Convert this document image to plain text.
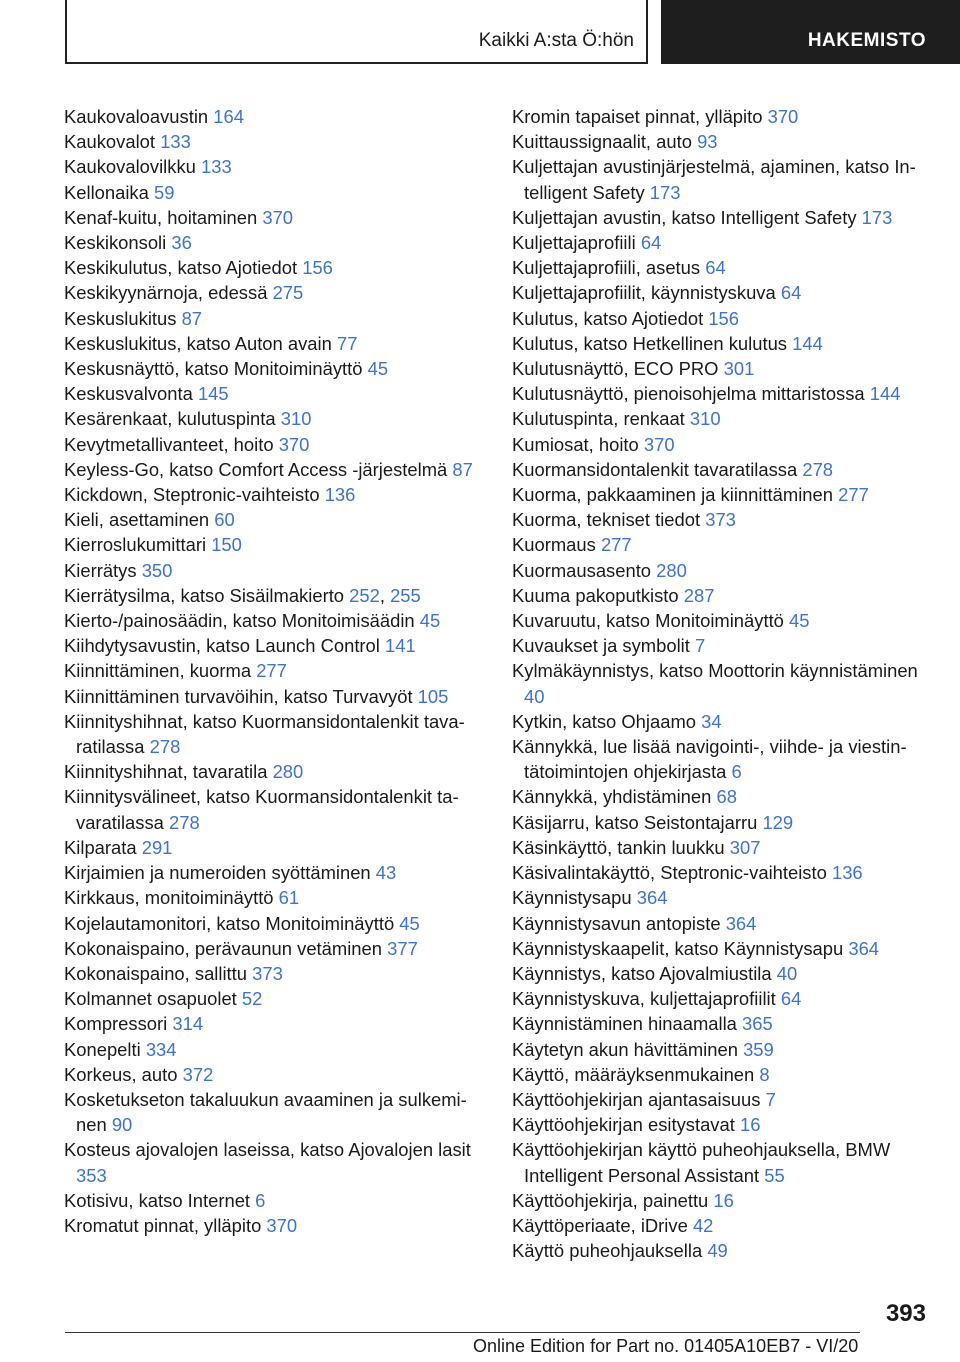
Kaikki A:sta Ö:hön	HAKEMISTO
Kaukovaloavustin 164
Kaukovalot 133
Kaukovalovilkku 133
Kellonaika 59
Kenaf-kuitu, hoitaminen 370
Keskikonsoli 36
Keskikulutus, katso Ajotiedot 156
Keskikyynärnoja, edessä 275
Keskuslukitus 87
Keskuslukitus, katso Auton avain 77
Keskusnäyttö, katso Monitoiminäyttö 45
Keskusvalvonta 145
Kesärenkaat, kulutuspinta 310
Kevytmetallivanteet, hoito 370
Keyless-Go, katso Comfort Access -järjestelmä 87
Kickdown, Steptronic-vaihteisto 136
Kieli, asettaminen 60
Kierroslukumittari 150
Kierrätys 350
Kierrätysilma, katso Sisäilmakierto 252, 255
Kierto-/painosäädin, katso Monitoimisäädin 45
Kiihdytysavustin, katso Launch Control 141
Kiinnittäminen, kuorma 277
Kiinnittäminen turvavöihin, katso Turvavyöt 105
Kiinnityshihnat, katso Kuormansidontalenkit tavaratilassa 278
Kiinnityshihnat, tavaratila 280
Kiinnitysvälineet, katso Kuormansidontalenkit tavaratilassa 278
Kilparata 291
Kirjaimien ja numeroiden syöttäminen 43
Kirkkaus, monitoiminäyttö 61
Kojelautamonitori, katso Monitoiminäyttö 45
Kokonaispaino, perävaunun vetäminen 377
Kokonaispaino, sallittu 373
Kolmannet osapuolet 52
Kompressori 314
Konepelti 334
Korkeus, auto 372
Kosketukseton takaluukun avaaminen ja sulkeminen 90
Kosteus ajovalojen laseissa, katso Ajovalojen lasit 353
Kotisivu, katso Internet 6
Kromatut pinnat, ylläpito 370
Kromin tapaiset pinnat, ylläpito 370
Kuittaussignaalit, auto 93
Kuljettajan avustinjärjestelmä, ajaminen, katso Intelligent Safety 173
Kuljettajan avustin, katso Intelligent Safety 173
Kuljettajaprofiili 64
Kuljettajaprofiili, asetus 64
Kuljettajaprofiilit, käynnistyskuva 64
Kulutus, katso Ajotiedot 156
Kulutus, katso Hetkellinen kulutus 144
Kulutusnäyttö, ECO PRO 301
Kulutusnäyttö, pienoisohjelma mittaristossa 144
Kulutuspinta, renkaat 310
Kumiosat, hoito 370
Kuormansidontalenkit tavaratilassa 278
Kuorma, pakkaaminen ja kiinnittäminen 277
Kuorma, tekniset tiedot 373
Kuormaus 277
Kuormausasento 280
Kuuma pakoputkisto 287
Kuvaruutu, katso Monitoiminäyttö 45
Kuvaukset ja symbolit 7
Kylmäkäynnistys, katso Moottorin käynnistäminen 40
Kytkin, katso Ohjaamo 34
Kännykkä, lue lisää navigointi-, viihde- ja viestintätoimintojen ohjekirjasta 6
Kännykkä, yhdistäminen 68
Käsijarru, katso Seistontajarru 129
Käsinkäyttö, tankin luukku 307
Käsivalintakäyttö, Steptronic-vaihteisto 136
Käynnistysapu 364
Käynnistysavun antopiste 364
Käynnistyskaapelit, katso Käynnistysapu 364
Käynnistys, katso Ajovalmiustila 40
Käynnistyskuva, kuljettajaprofiilit 64
Käynnistäminen hinaamalla 365
Käytetyn akun hävittäminen 359
Käyttö, määräyksenmukainen 8
Käyttöohjekirjan ajantasaisuus 7
Käyttöohjekirjan esitystavat 16
Käyttöohjekirjan käyttö puheohjauksella, BMW Intelligent Personal Assistant 55
Käyttöohjekirja, painettu 16
Käyttöperiaate, iDrive 42
Käyttö puheohjauksella 49
393
Online Edition for Part no. 01405A10EB7 - VI/20
